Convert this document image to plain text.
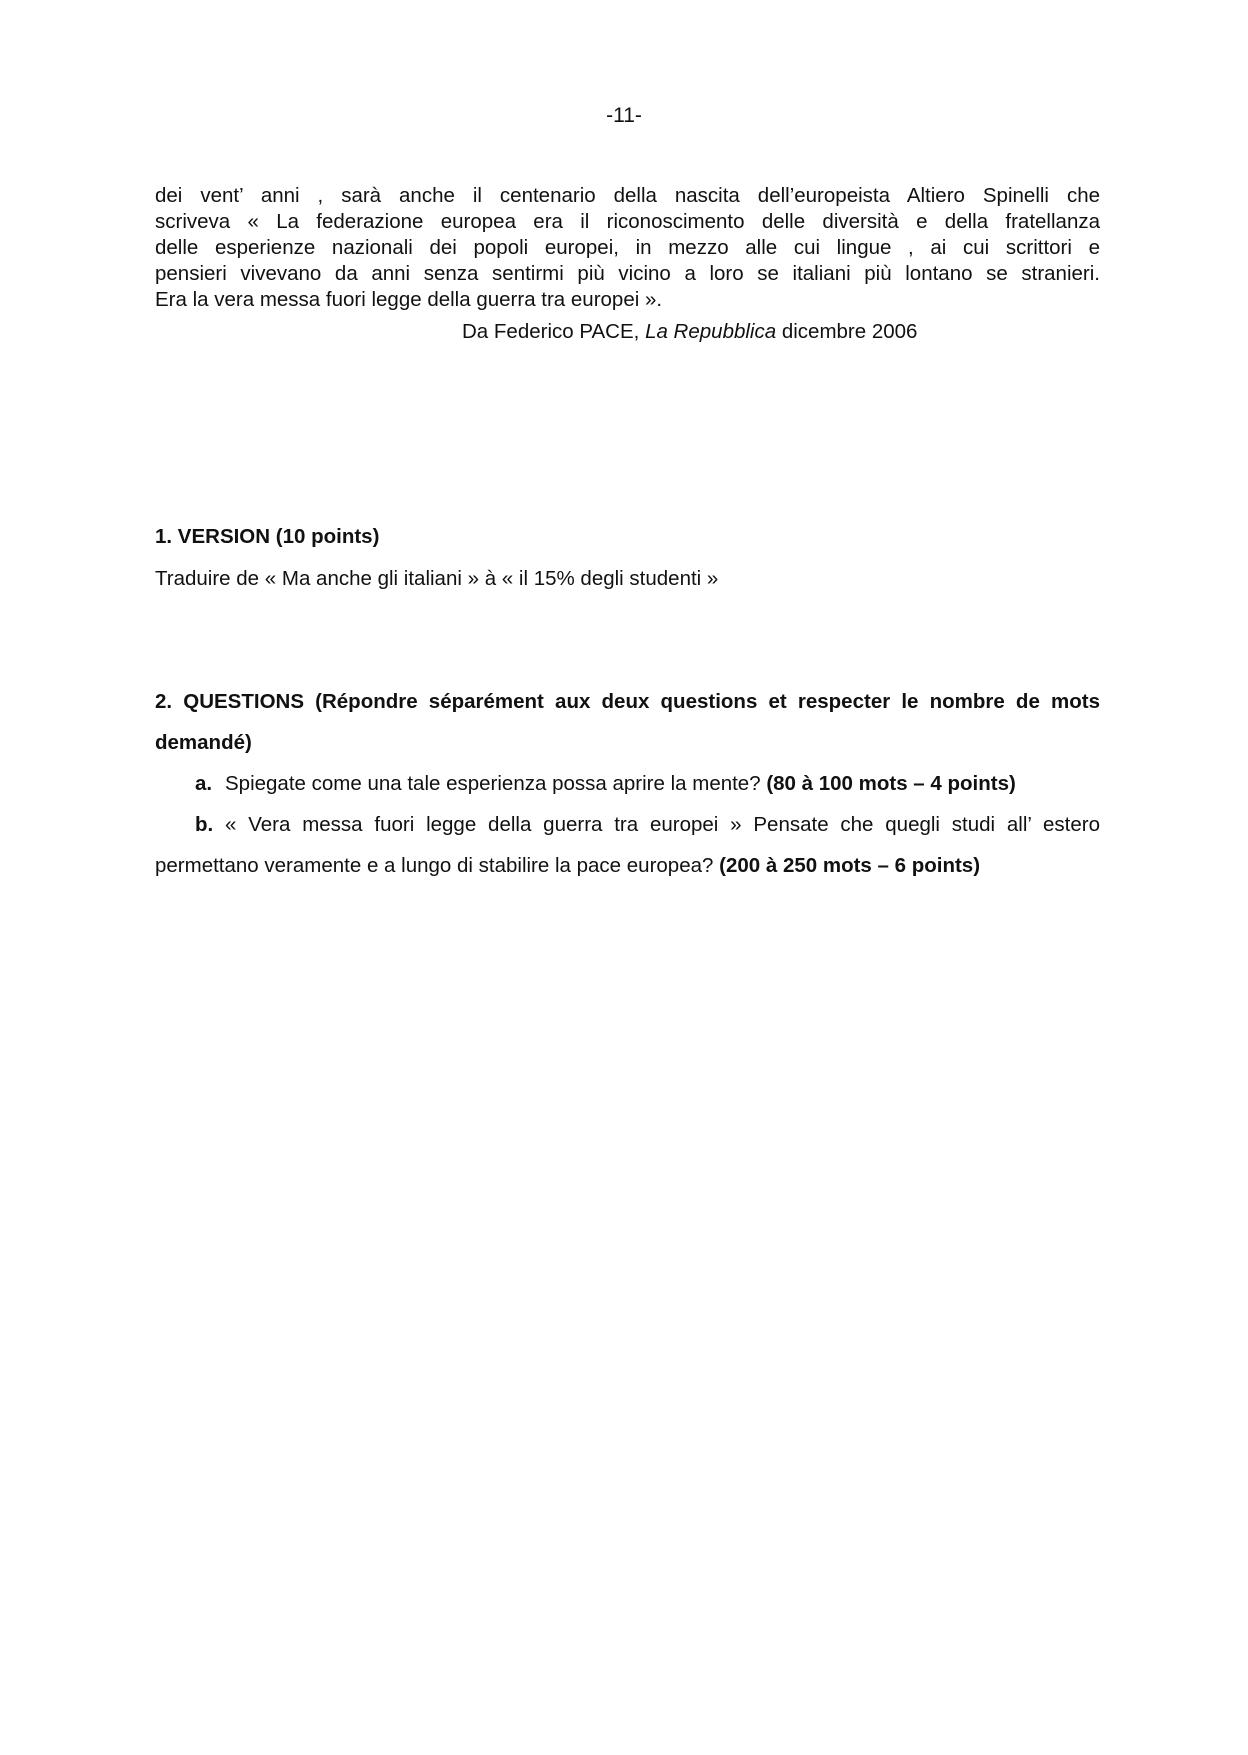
-11-
dei vent’ anni , sarà anche il centenario della nascita dell’europeista Altiero Spinelli che
scriveva « La federazione europea era il riconoscimento delle diversità e della fratellanza
delle esperienze nazionali dei popoli europei, in mezzo alle cui lingue , ai cui scrittori e
pensieri vivevano da anni senza sentirmi più vicino a loro se italiani più lontano se stranieri.
Era la vera messa fuori legge della guerra tra europei ».
Da Federico PACE, La Repubblica dicembre 2006
1. VERSION (10 points)
Traduire de « Ma anche gli italiani » à « il 15% degli studenti »
2. QUESTIONS (Répondre séparément aux deux questions et respecter le nombre de mots demandé)
a. Spiegate come una tale esperienza possa aprire la mente? (80 à 100 mots – 4 points)
b. « Vera messa fuori legge della guerra tra europei » Pensate che quegli studi all’ estero permettano veramente e a lungo di stabilire la pace europea? (200 à 250 mots – 6 points)
